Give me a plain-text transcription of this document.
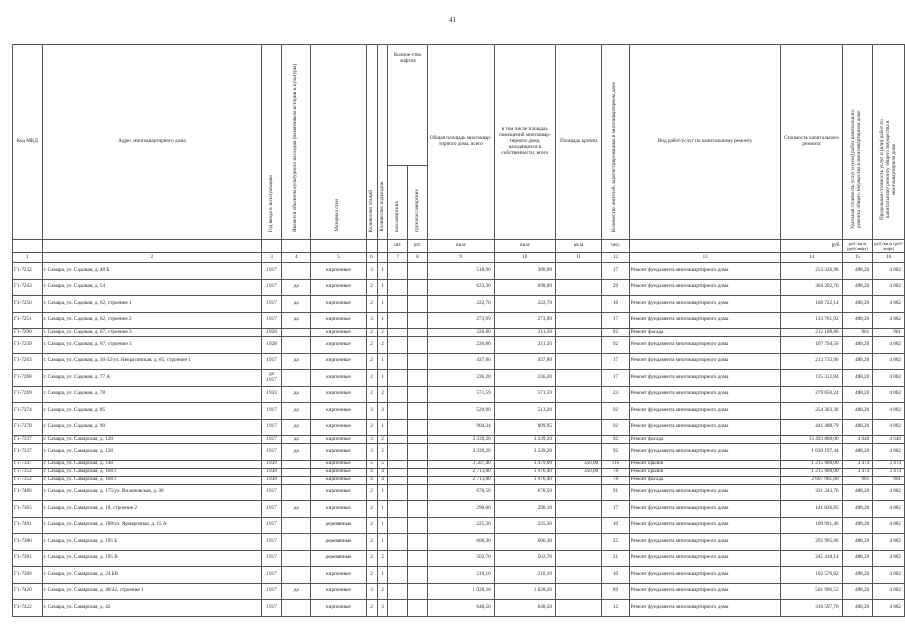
41
Код МКД	Адрес многоквартирного дома	Год ввода в эксплуатацию	Является объектом культурного наследия (памятником истории и культуры)	Материал стен	Количество этажей	Количество подъездов	Количе-ство лифтов		Общая площадь многоквар-тирного дома, всего	в том числе площадь помещений многоквар-тирного дома, находящихся в собственности, всего	Площадь кровли	Количество жителей, зарегистрированных в многоквартирном доме	Вид работ/услуг по капитальному ремонту	Стоимость капитального ремонта	Удельная стоимость услуг и (или) работ капитального ремонта общего имущества в многоквартирном доме	Предельная стоимость услуг и (или) работ по капитальному ремонту общего имущества в многоквартирном доме
							пассажирских	грузопассажирских								
							шт.	шт.	кв.м	кв.м	кв.м	чел.		руб.	руб./кв.м (руб/лифт)	руб./кв.м (руб/лифт)
1	2	3	4	5	6		7	8	9	10	11	12	13	14	15	16
Г1-7232	г. Самара, ул. Садовая, д. 48 Б	1917		кирпичные	3	1			518,90	380,90		17	Ремонт фундамента многоквартирного дома	253 326,98	488,20	4 882
Г1-7243	г. Самара, ул. Садовая, д. 54	1917	да	кирпичные	2	1			623,30	698,90		29	Ремонт фундамента многоквартирного дома	304 292,70	488,20	4 882
Г1-7250	г. Самара, ул. Садовая, д. 62, строение 1	1917	да	кирпичные	2	1			222,70	222,70		10	Ремонт фундамента многоквартирного дома	108 722,14	488,20	4 882
Г1-7251	г. Самара, ул. Садовая, д. 62, строение 2	1917	да	кирпичные	3	1			273,99	273,99		17	Ремонт фундамента многоквартирного дома	133 761,92	488,20	4 882
Г1-7290	г. Самара, ул. Садовая, д. 67, строение 3	1928		кирпичные	2	2			220,80	211,50		92	Ремонт фасада	212 188,80	961	961
Г1-7239	г. Самара, ул. Садовая, д. 67, строение 3	1928		кирпичные	2	2			220,80	211,50		92	Ремонт фундамента многоквартирного дома	107 794,56	488,20	4 882
Г1-7263	г. Самара, ул. Садовая, д. 30-32/ул. Некрасовская, д. 85, строение 1	1917	да	кирпичные	2	1			437,80	437,80		17	Ремонт фундамента многоквартирного дома	213 733,96	488,20	4 882
Г1-7268	г. Самара, ул. Садовая, д. 77 А	до 1917		кирпичные	2	1			236,20	236,20		17	Ремонт фундамента многоквартирного дома	115 312,84	488,20	4 882
Г1-7269	г. Самара, ул. Садовая, д. 78	1933	да	кирпичные	2	2			571,59	571,59		23	Ремонт фундамента многоквартирного дома	279 050,24	488,20	4 882
Г1-7274	г. Самара, ул. Садовая, д. 85	1917	да	кирпичные	3	3			520,90	513,20		92	Ремонт фундамента многоквартирного дома	254 303,38	488,20	4 882
Г1-7278	г. Самара, ул. Садовая, д. 90	1917	да	кирпичные	2	1			904,34	809,95		92	Ремонт фундамента многоквартирного дома	441 498,79	488,20	4 882
Г1-7337	г. Самара, ул. Самарская, д. 128	1917	да	кирпичные	3	2			3 339,20	3 339,20		92	Ремонт фасада	15 493 888,00	4 640	4 640
Г1-7337	г. Самара, ул. Самарская, д. 128	1917	да	кирпичные	3	2			3 339,20	3 339,20		92	Ремонт фундамента многоквартирного дома	1 630 197,44	488,20	4 882
Г1-7347	г. Самара, ул. Самарская, д. 148	1939		кирпичные	5	5			3 507,40	3 479,00	350,00	116	Ремонт крыши	1 215 900,00	3 474	3 474
Г1-7352	г. Самара, ул. Самарская, д. 168 Г	1938		кирпичные	4	4			2 713,80	1 976,40	350,00	78	Ремонт крыши	1 215 900,00	3 474	3 474
Г1-7352	г. Самара, ул. Самарская, д. 168 Г	1938		кирпичные	4	4			2 713,80	1 976,40		78	Ремонт фасада	2 607 961,80	961	961
Г1-7486	г. Самара, ул. Самарская, д. 175/ул. Вилоновская, д. 38	1917		кирпичные	2	1			678,50	678,50		91	Ремонт фундамента многоквартирного дома	331 243,70	488,20	4 882
Г1-7365	г. Самара, ул. Самарская, д. 18, строение 2	1917	да	кирпичные	2	1			290,00	290,10		17	Ремонт фундамента многоквартирного дома	141 626,85	488,20	4 882
Г1-7491	г. Самара, ул. Самарская, д. 188/ул. Ярмарочная, д. 15 А	1917		деревянные	2	1			225,30	225,30		10	Ремонт фундамента многоквартирного дома	109 991,46	488,20	4 882
Г1-7380	г. Самара, ул. Самарская, д. 195 Б	1917		деревянные	2	1			606,30	606,30		25	Ремонт фундамента многоквартирного дома	295 995,66	488,20	4 882
Г1-7381	г. Самара, ул. Самарская, д. 195 В	1917		деревянные	2	2			502,70	502,70		21	Ремонт фундамента многоквартирного дома	245 418,14	488,20	4 882
Г1-7389	г. Самара, ул. Самарская, д. 24 БВ	1917		кирпичные	2	1			210,10	210,10		10	Ремонт фундамента многоквартирного дома	102 570,82	488,20	4 882
Г1-7420	г. Самара, ул. Самарская, д. 40/42, строение 1	1917	да	кирпичные	3	2			1 028,26	1 028,26		89	Ремонт фундамента многоквартирного дома	501 996,53	488,20	4 882
Г1-7422	г. Самара, ул. Самарская, д. 42	1917		кирпичные	2	3			648,50	648,50		12	Ремонт фундамента многоквартирного дома	316 597,70	488,20	4 882
